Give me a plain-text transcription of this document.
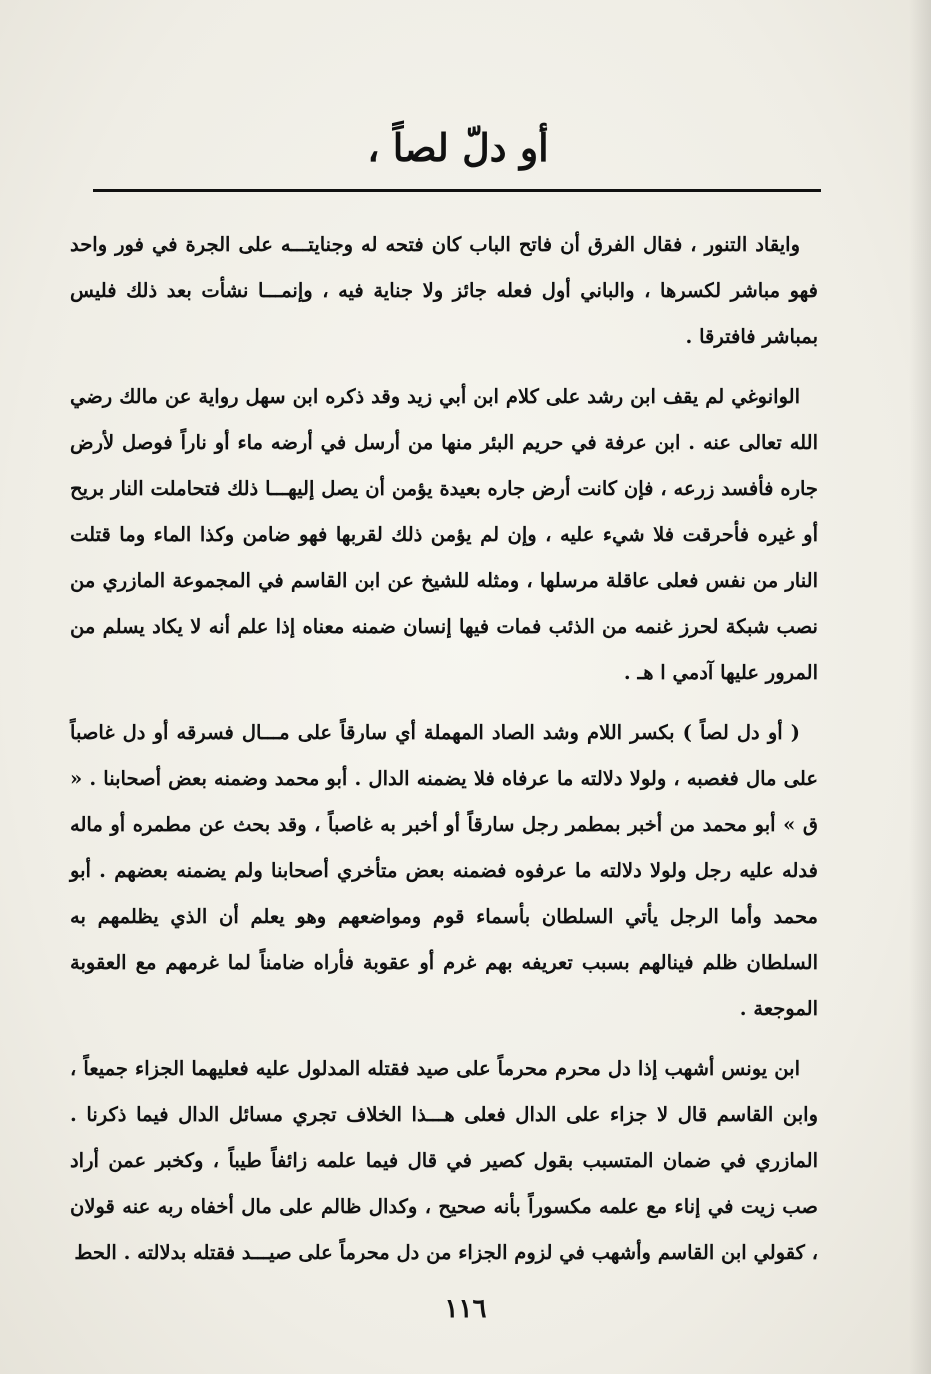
أو دلّ لصاً ،

وايقاد التنور ، فقال الفرق أن فاتح الباب كان فتحه له وجنايتـــه على الجرة في فور واحد فهو مباشر لكسرها ، والباني أول فعله جائز ولا جناية فيه ، وإنمـــا نشأت بعد ذلك فليس بمباشر فافترقا .

الوانوغي لم يقف ابن رشد على كلام ابن أبي زيد وقد ذكره ابن سهل رواية عن مالك رضي الله تعالى عنه . ابن عرفة في حريم البئر منها من أرسل في أرضه ماء أو ناراً فوصل لأرض جاره فأفسد زرعه ، فإن كانت أرض جاره بعيدة يؤمن أن يصل إليهـــا ذلك فتحاملت النار بريح أو غيره فأحرقت فلا شيء عليه ، وإن لم يؤمن ذلك لقربها فهو ضامن وكذا الماء وما قتلت النار من نفس فعلى عاقلة مرسلها ، ومثله للشيخ عن ابن القاسم في المجموعة المازري من نصب شبكة لحرز غنمه من الذئب فمات فيها إنسان ضمنه معناه إذا علم أنه لا يكاد يسلم من المرور عليها آدمي ا هـ .

( أو دل لصاً ) بكسر اللام وشد الصاد المهملة أي سارقاً على مـــال فسرقه أو دل غاصباً على مال فغصبه ، ولولا دلالته ما عرفاه فلا يضمنه الدال . أبو محمد وضمنه بعض أصحابنا . « ق » أبو محمد من أخبر بمطمر رجل سارقاً أو أخبر به غاصباً ، وقد بحث عن مطمره أو ماله فدله عليه رجل ولولا دلالته ما عرفوه فضمنه بعض متأخري أصحابنا ولم يضمنه بعضهم . أبو محمد وأما الرجل يأتي السلطان بأسماء قوم ومواضعهم وهو يعلم أن الذي يظلمهم به السلطان ظلم فينالهم بسبب تعريفه بهم غرم أو عقوبة فأراه ضامناً لما غرمهم مع العقوبة الموجعة .

ابن يونس أشهب إذا دل محرم محرماً على صيد فقتله المدلول عليه فعليهما الجزاء جميعاً ، وابن القاسم قال لا جزاء على الدال فعلى هـــذا الخلاف تجري مسائل الدال فيما ذكرنا . المازري في ضمان المتسبب بقول كصير في قال فيما علمه زائفاً طيباً ، وكخبر عمن أراد صب زيت في إناء مع علمه مكسوراً بأنه صحيح ، وكدال ظالم على مال أخفاه ربه عنه قولان ، كقولي ابن القاسم وأشهب في لزوم الجزاء من دل محرماً على صيـــد فقتله بدلالته . الحط

١١٦
